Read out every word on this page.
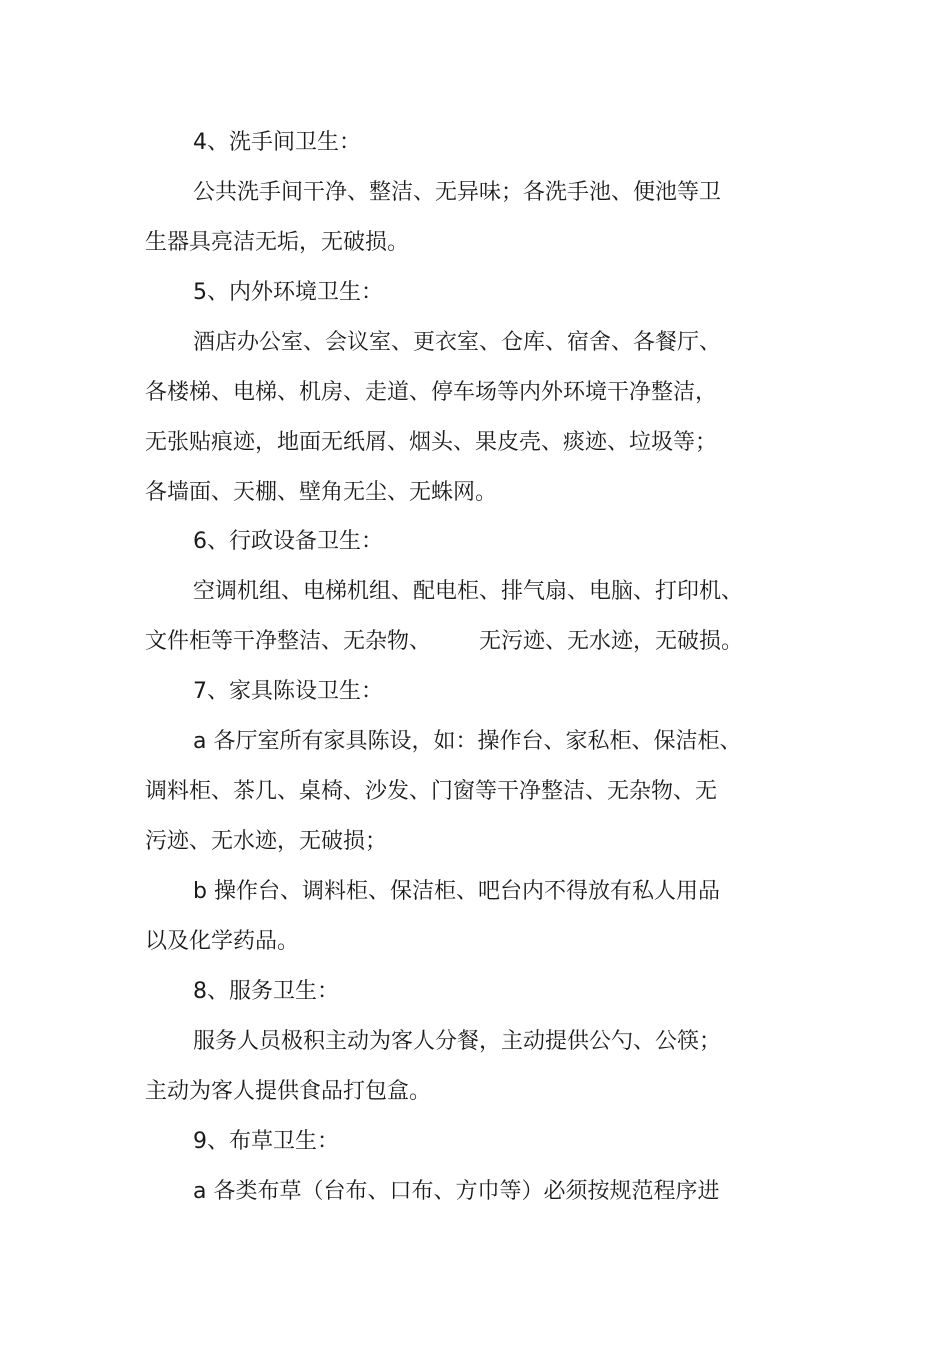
4、洗手间卫生：

公共洗手间干净、整洁、无异味；各洗手池、便池等卫

生器具亮洁无垢，无破损。

5、内外环境卫生：

酒店办公室、会议室、更衣室、仓库、宿舍、各餐厅、

各楼梯、电梯、机房、走道、停车场等内外环境干净整洁，

无张贴痕迹，地面无纸屑、烟头、果皮壳、痰迹、垃圾等；

各墙面、天棚、壁角无尘、无蛛网。

6、行政设备卫生：

空调机组、电梯机组、配电柜、排气扇、电脑、打印机、

文件柜等干净整洁、无杂物、 无污迹、无水迹，无破损。

7、家具陈设卫生：

a 各厅室所有家具陈设，如：操作台、家私柜、保洁柜、

调料柜、茶几、桌椅、沙发、门窗等干净整洁、无杂物、无

污迹、无水迹，无破损；

b 操作台、调料柜、保洁柜、吧台内不得放有私人用品

以及化学药品。

8、服务卫生：

服务人员极积主动为客人分餐，主动提供公勺、公筷；

主动为客人提供食品打包盒。

9、布草卫生：

a 各类布草（台布、口布、方巾等）必须按规范程序进
